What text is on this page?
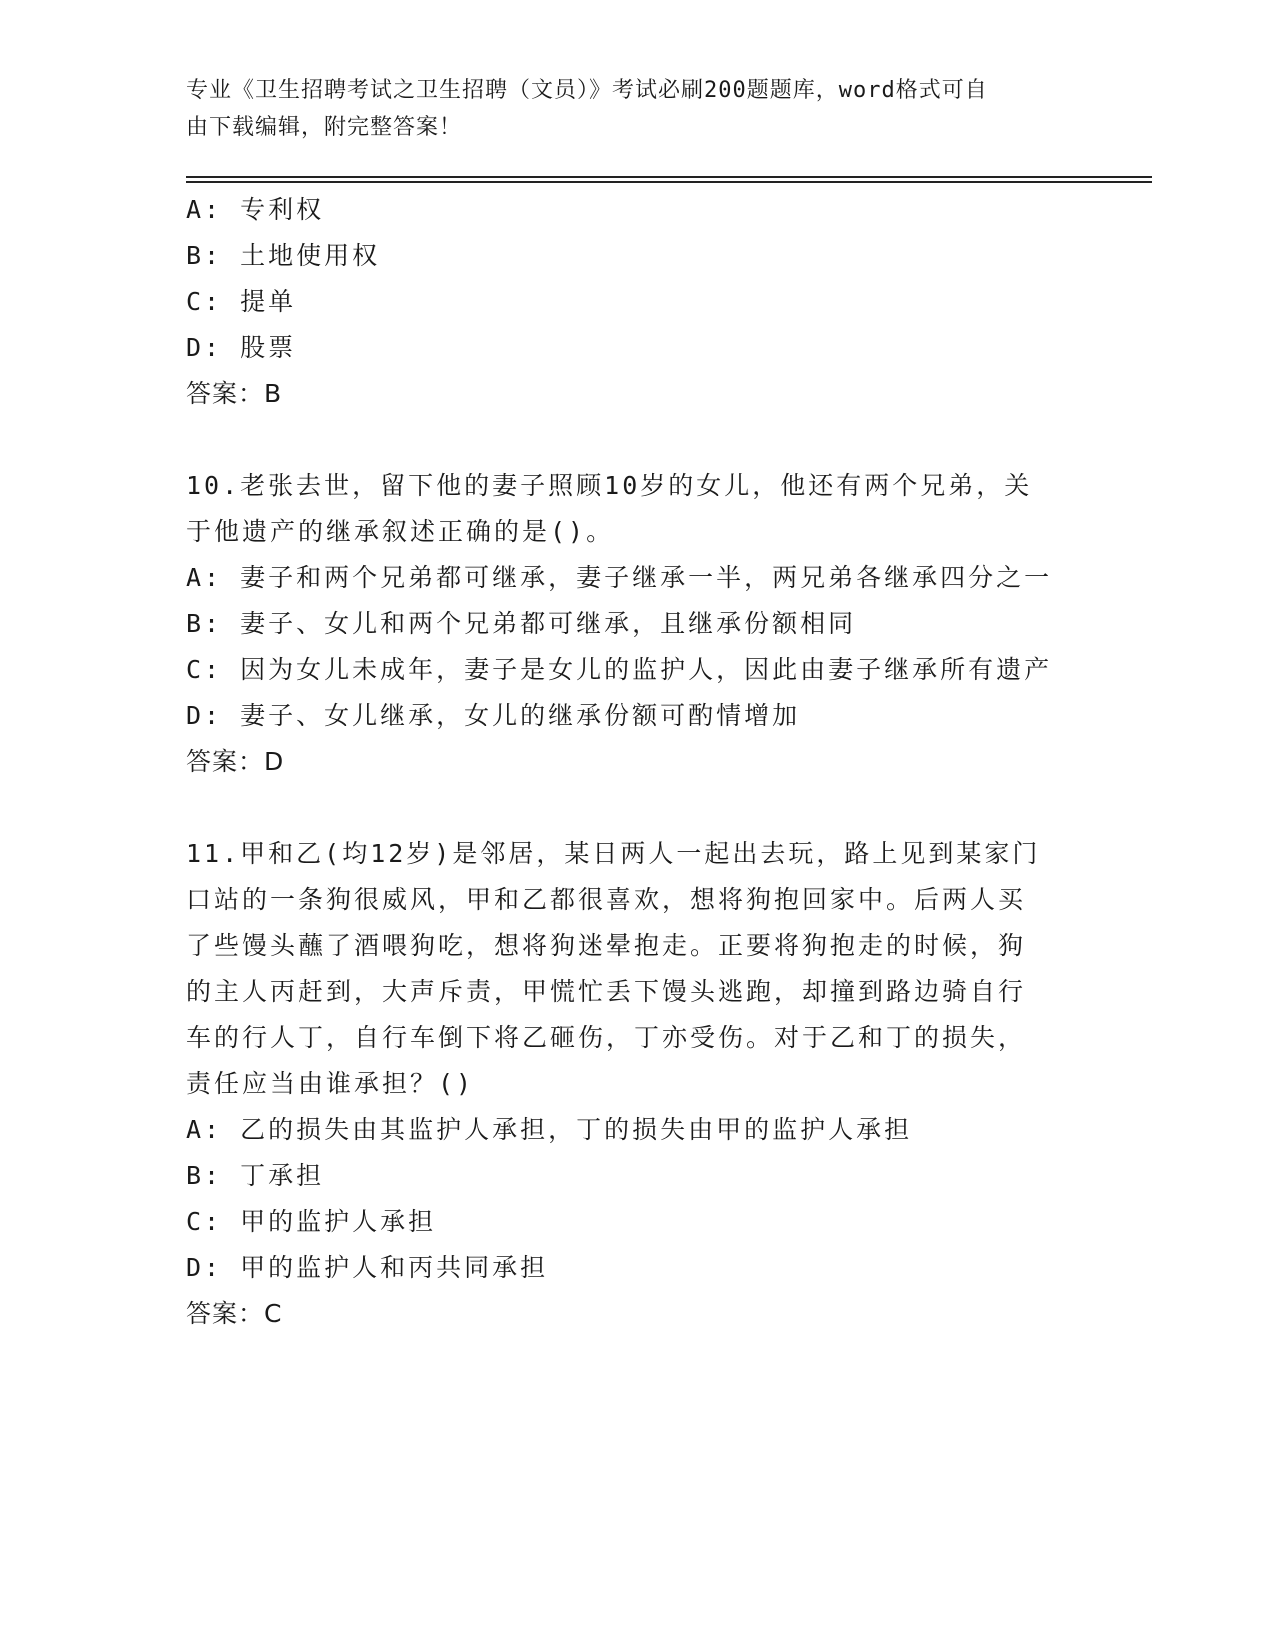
专业《卫生招聘考试之卫生招聘（文员）》考试必刷200题题库，word格式可自
由下载编辑，附完整答案！
A: 专利权
B: 土地使用权
C: 提单
D: 股票
答案：B
10.老张去世，留下他的妻子照顾10岁的女儿，他还有两个兄弟，关
于他遗产的继承叙述正确的是()。
A: 妻子和两个兄弟都可继承，妻子继承一半，两兄弟各继承四分之一
B: 妻子、女儿和两个兄弟都可继承，且继承份额相同
C: 因为女儿未成年，妻子是女儿的监护人，因此由妻子继承所有遗产
D: 妻子、女儿继承，女儿的继承份额可酌情增加
答案：D
11.甲和乙(均12岁)是邻居，某日两人一起出去玩，路上见到某家门
口站的一条狗很威风，甲和乙都很喜欢，想将狗抱回家中。后两人买
了些馒头蘸了酒喂狗吃，想将狗迷晕抱走。正要将狗抱走的时候，狗
的主人丙赶到，大声斥责，甲慌忙丢下馒头逃跑，却撞到路边骑自行
车的行人丁，自行车倒下将乙砸伤，丁亦受伤。对于乙和丁的损失，
责任应当由谁承担？()
A: 乙的损失由其监护人承担，丁的损失由甲的监护人承担
B: 丁承担
C: 甲的监护人承担
D: 甲的监护人和丙共同承担
答案：C
